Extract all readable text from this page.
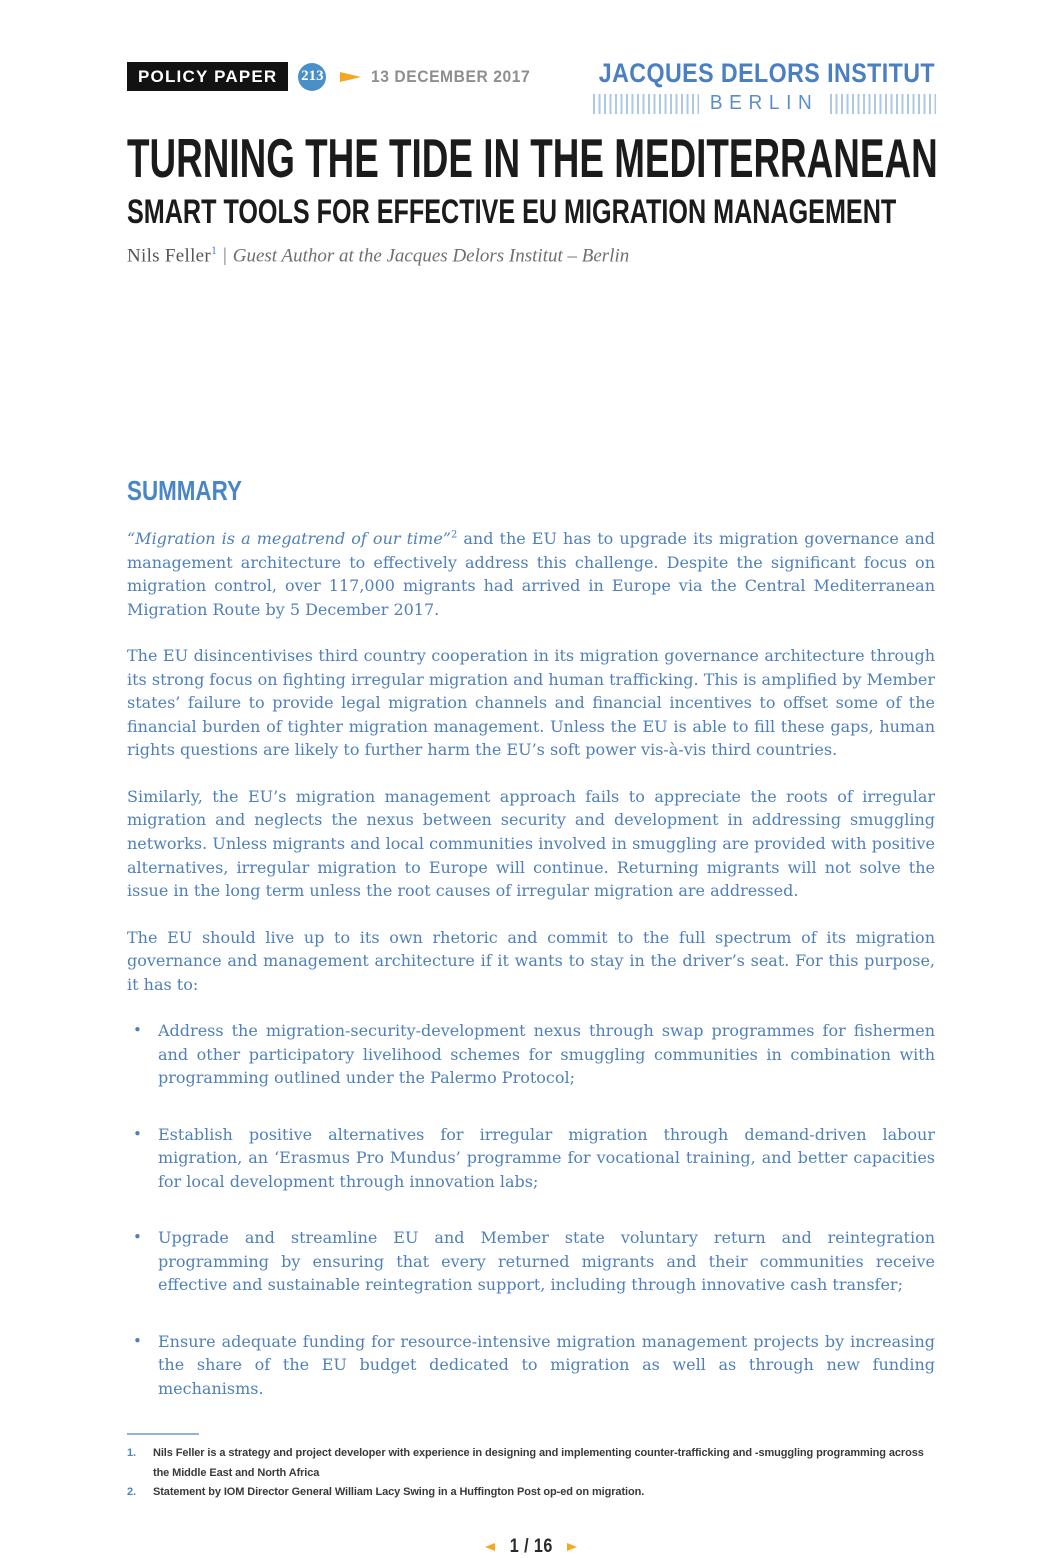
POLICY PAPER	213	13 DECEMBER 2017	JACQUES DELORS INSTITUT
BERLIN
TURNING THE TIDE IN THE MEDITERRANEAN
SMART TOOLS FOR EFFECTIVE EU MIGRATION MANAGEMENT
Nils Feller$^1$ | Guest Author at the Jacques Delors Institut – Berlin
SUMMARY

“Migration is a megatrend of our time”$^2$ and the EU has to upgrade its migration governance and management architecture to effectively address this challenge. Despite the significant focus on migration control, over 117,000 migrants had arrived in Europe via the Central Mediterranean Migration Route by 5 December 2017.

The EU disincentivises third country cooperation in its migration governance architecture through its strong focus on fighting irregular migration and human trafficking. This is amplified by Member states’ failure to provide legal migration channels and financial incentives to offset some of the financial burden of tighter migration management. Unless the EU is able to fill these gaps, human rights questions are likely to further harm the EU’s soft power vis-à-vis third countries.

Similarly, the EU’s migration management approach fails to appreciate the roots of irregular migration and neglects the nexus between security and development in addressing smuggling networks. Unless migrants and local communities involved in smuggling are provided with positive alternatives, irregular migration to Europe will continue. Returning migrants will not solve the issue in the long term unless the root causes of irregular migration are addressed.

The EU should live up to its own rhetoric and commit to the full spectrum of its migration governance and management architecture if it wants to stay in the driver’s seat. For this purpose, it has to:

•	Address the migration-security-development nexus through swap programmes for fishermen and other participatory livelihood schemes for smuggling communities in combination with programming outlined under the Palermo Protocol;
•	Establish positive alternatives for irregular migration through demand-driven labour migration, an ‘Erasmus Pro Mundus’ programme for vocational training, and better capacities for local development through innovation labs;
•	Upgrade and streamline EU and Member state voluntary return and reintegration programming by ensuring that every returned migrants and their communities receive effective and sustainable reintegration support, including through innovative cash transfer;
•	Ensure adequate funding for resource-intensive migration management projects by increasing the share of the EU budget dedicated to migration as well as through new funding mechanisms.
1.	Nils Feller is a strategy and project developer with experience in designing and implementing counter-trafficking and -smuggling programming across the Middle East and North Africa
2.	Statement by IOM Director General William Lacy Swing in a Huffington Post op-ed on migration.
1 / 16
